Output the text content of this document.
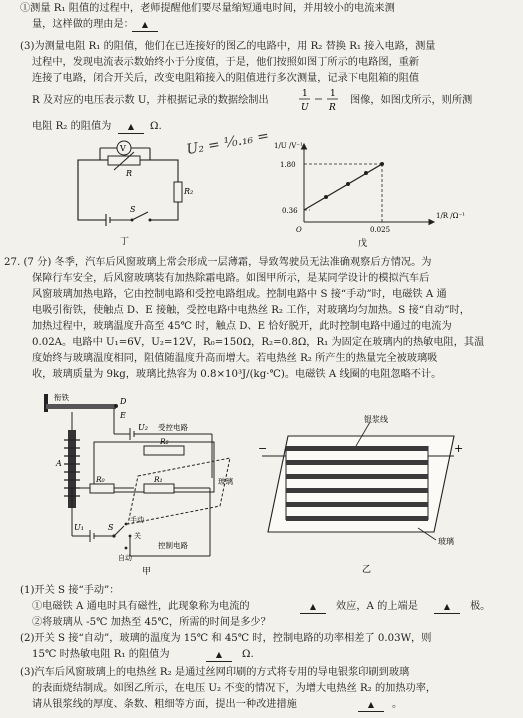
①测量 R₁ 阻值的过程中，老师提醒他们要尽量缩短通电时间，并用较小的电流来测
量，这样做的理由是：
(3)为测量电阻 R₁ 的阻值，他们在已连接好的图乙的电路中，用 R₂ 替换 R₁ 接入电路，测量
过程中，发现电流表示数始终小于分度值，于是，他们按照如图丁所示的电路图，重新
连接了电路，闭合开关后，改变电阻箱接入的阻值进行多次测量，记录下电阻箱的阻值
R 及对应的电压表示数 U，并根据记录的数据绘制出	图像，如图戊所示，则所测
电阻 R₂ 的阻值为	Ω.
27. (7 分) 冬季，汽车后风窗玻璃上常会形成一层薄霜，导致驾驶员无法准确观察后方情况。为
保障行车安全，后风窗玻璃装有加热除霜电路。如图甲所示，是某同学设计的模拟汽车后
风窗玻璃加热电路，它由控制电路和受控电路组成。控制电路中 S 接“手动”时，电磁铁 A 通
电吸引衔铁，使触点 D、E 接触，受控电路中电热丝 R₂ 工作，对玻璃均匀加热。S 接“自动”时，
加热过程中，玻璃温度升高至 45℃ 时，触点 D、E 恰好脱开，此时控制电路中通过的电流为
0.02A。电路中 U₁=6V，U₂=12V，R₀=150Ω，R₂=0.8Ω，R₁ 为固定在玻璃内的热敏电阻，其温
度始终与玻璃温度相同，阻值随温度升高而增大。若电热丝 R₂ 所产生的热量完全被玻璃吸
收，玻璃质量为 9kg，玻璃比热容为 0.8×10³J/(kg·℃)。电磁铁 A 线圈的电阻忽略不计。
(1)开关 S 接“手动”：
①电磁铁 A 通电时具有磁性，此现象称为电流的	效应，A 的上端是	极。
②将玻璃从 -5℃ 加热至 45℃，所需的时间是多少？
(2)开关 S 接“自动”，玻璃的温度为 15℃ 和 45℃ 时，控制电路的功率相差了 0.03W，则
15℃ 时热敏电阻 R₁ 的阻值为	Ω.
(3)汽车后风窗玻璃上的电热丝 R₂ 是通过丝网印刷的方式将专用的导电银浆印刷到玻璃
的表面烧结制成。如图乙所示，在电压 U₂ 不变的情况下，为增大电热丝 R₂ 的加热功率，
请从银浆线的厚度、条数、粗细等方面，提出一种改进措施	。
▲
▲
▲	▲
▲
▲
1
U
1
R
U₂ = ¹⁄₀.₁₆ =
V
R
S
R₂
丁
1/U /V⁻¹
1/R /Ω⁻¹
1.80
0.36
0.025
O
戊
衔铁	D
E
U₂ 受控电路
R₂
R₁
R₀
A
U₁	S
手动
关
自动
控制电路
玻璃
甲
银浆线
−	+
玻璃
乙
